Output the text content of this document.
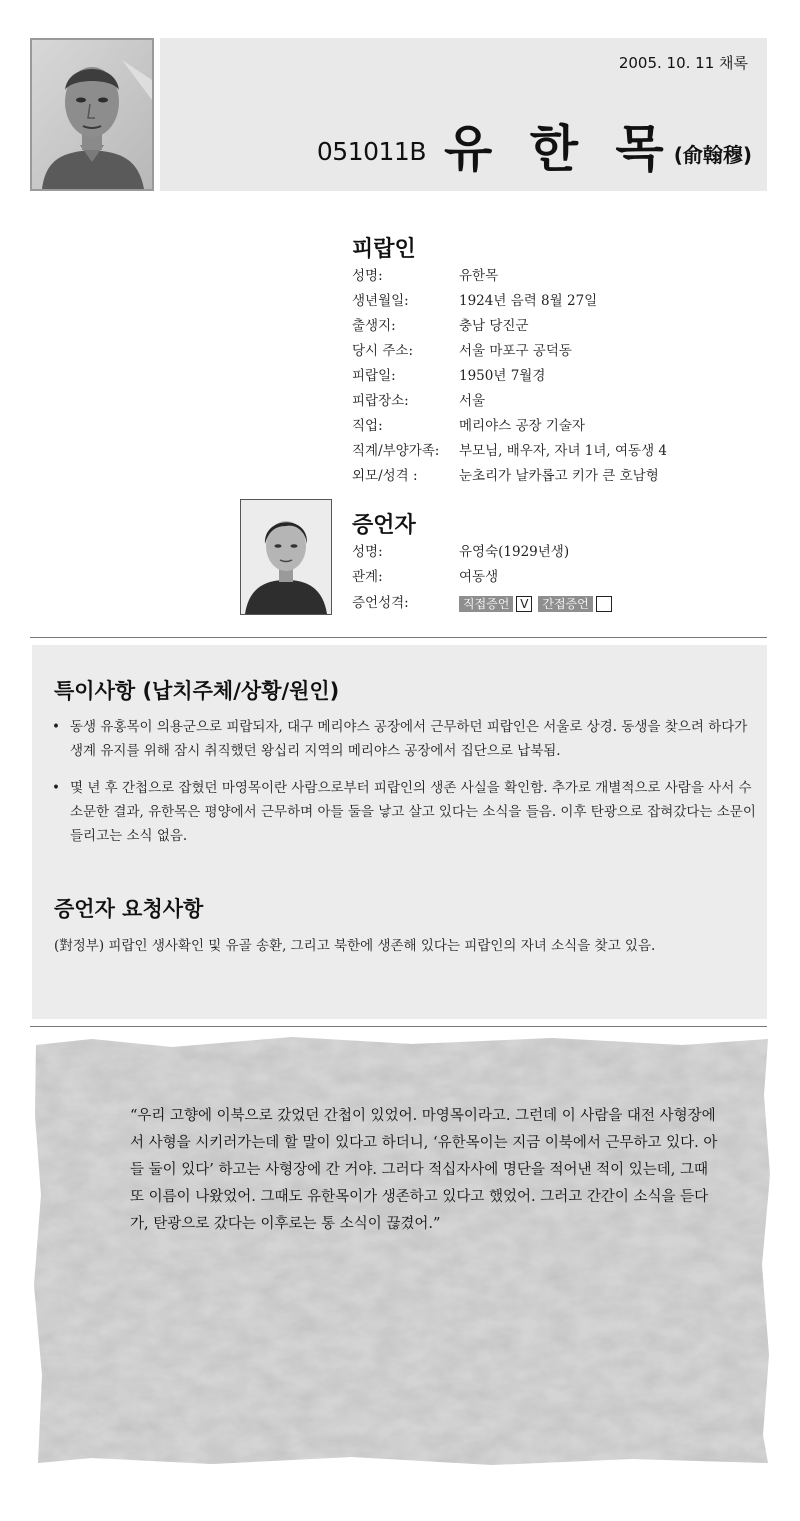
2005. 10. 11 채록
051011B 유 한 목 (俞翰穆)
피랍인
성명:	유한목
생년월일:	1924년 음력 8월 27일
출생지:	충남 당진군
당시 주소:	서울 마포구 공덕동
피랍일:	1950년 7월경
피랍장소:	서울
직업:	메리야스 공장 기술자
직계/부양가족: 부모님, 배우자, 자녀 1녀, 여동생 4
외모/성격 :	눈초리가 날카롭고 키가 큰 호남형
증언자
성명:	유영숙(1929년생)
관계:	여동생
증언성격:	직접증언 V 간접증언
특이사항 (납치주체/상황/원인)
• 동생 유홍목이 의용군으로 피랍되자, 대구 메리야스 공장에서 근무하던 피랍인은 서울로 상경. 동생을 찾으려 하다가 생계 유지를 위해 잠시 취직했던 왕십리 지역의 메리야스 공장에서 집단으로 납북됨.
• 몇 년 후 간첩으로 잡혔던 마영목이란 사람으로부터 피랍인의 생존 사실을 확인함. 추가로 개별적으로 사람을 사서 수소문한 결과, 유한목은 평양에서 근무하며 아들 둘을 낳고 살고 있다는 소식을 들음. 이후 탄광으로 잡혀갔다는 소문이 들리고는 소식 없음.
증언자 요청사항
(對정부) 피랍인 생사확인 및 유골 송환, 그리고 북한에 생존해 있다는 피랍인의 자녀 소식을 찾고 있음.
“우리 고향에 이북으로 갔었던 간첩이 있었어. 마영목이라고. 그런데 이 사람을 대전 사형장에서 사형을 시키러가는데 할 말이 있다고 하더니, ‘유한목이는 지금 이북에서 근무하고 있다. 아들 둘이 있다’ 하고는 사형장에 간 거야. 그러다 적십자사에 명단을 적어낸 적이 있는데, 그때 또 이름이 나왔었어. 그때도 유한목이가 생존하고 있다고 했었어. 그러고 간간이 소식을 듣다가, 탄광으로 갔다는 이후로는 통 소식이 끊겼어.”
